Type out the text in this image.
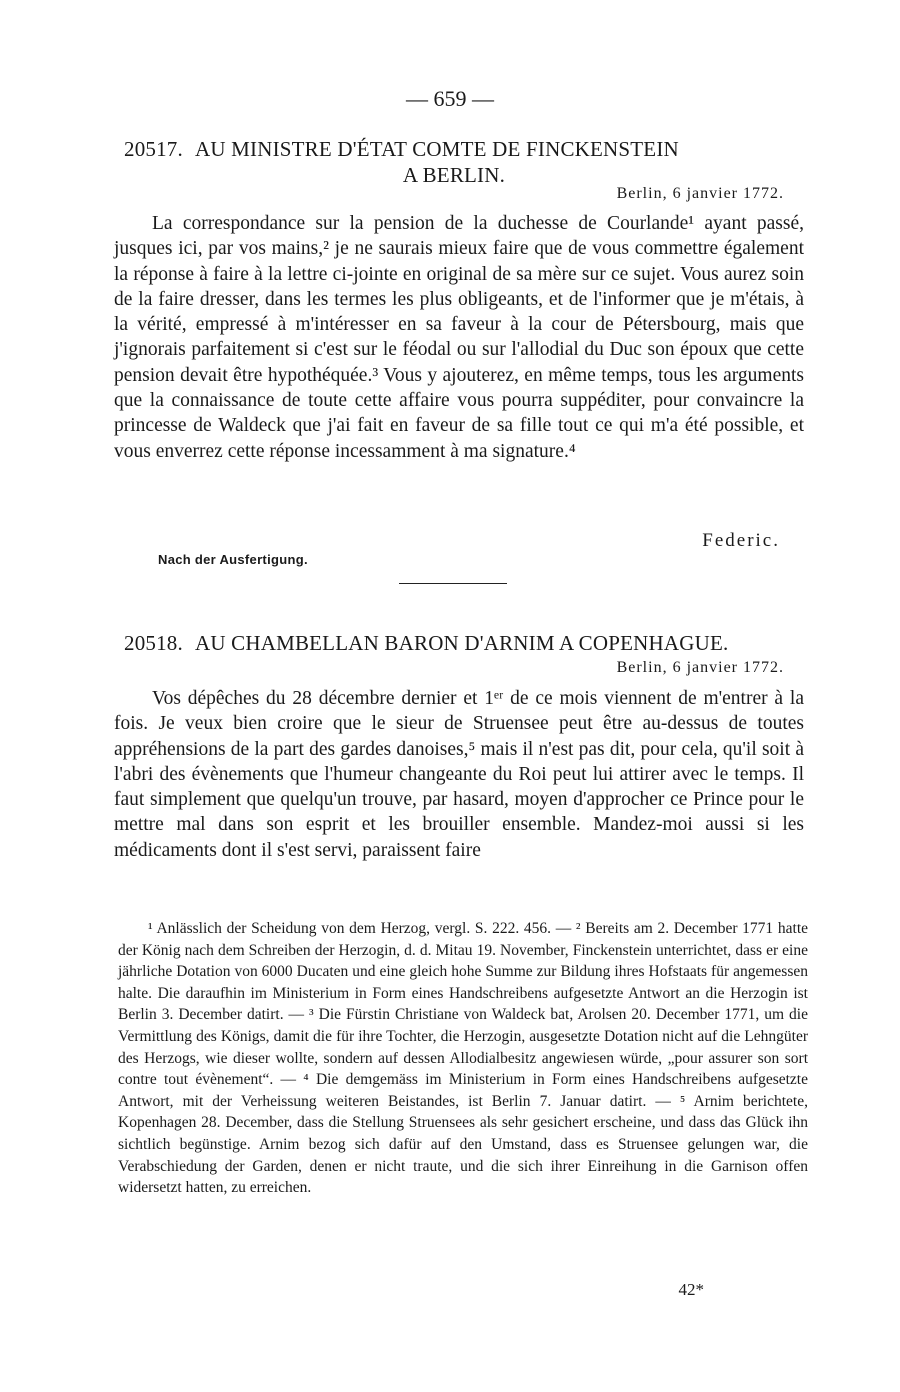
— 659 —
20517. AU MINISTRE D'ÉTAT COMTE DE FINCKENSTEIN
A BERLIN.
Berlin, 6 janvier 1772.

La correspondance sur la pension de la duchesse de Courlande¹ ayant passé, jusques ici, par vos mains,² je ne saurais mieux faire que de vous commettre également la réponse à faire à la lettre ci-jointe en original de sa mère sur ce sujet. Vous aurez soin de la faire dresser, dans les termes les plus obligeants, et de l'informer que je m'étais, à la vérité, empressé à m'intéresser en sa faveur à la cour de Pétersbourg, mais que j'ignorais parfaitement si c'est sur le féodal ou sur l'allodial du Duc son époux que cette pension devait être hypothéquée.³ Vous y ajouterez, en même temps, tous les arguments que la connaissance de toute cette affaire vous pourra suppéditer, pour convaincre la princesse de Waldeck que j'ai fait en faveur de sa fille tout ce qui m'a été possible, et vous enverrez cette réponse incessamment à ma signature.⁴

Federic.
Nach der Ausfertigung.
20518. AU CHAMBELLAN BARON D'ARNIM A COPENHAGUE.
Berlin, 6 janvier 1772.

Vos dépêches du 28 décembre dernier et 1ᵉʳ de ce mois viennent de m'entrer à la fois. Je veux bien croire que le sieur de Struensee peut être au-dessus de toutes appréhensions de la part des gardes danoises,⁵ mais il n'est pas dit, pour cela, qu'il soit à l'abri des évènements que l'humeur changeante du Roi peut lui attirer avec le temps. Il faut simplement que quelqu'un trouve, par hasard, moyen d'approcher ce Prince pour le mettre mal dans son esprit et les brouiller ensemble. Mandez-moi aussi si les médicaments dont il s'est servi, paraissent faire

¹ Anlässlich der Scheidung von dem Herzog, vergl. S. 222. 456. — ² Bereits am 2. December 1771 hatte der König nach dem Schreiben der Herzogin, d. d. Mitau 19. November, Finckenstein unterrichtet, dass er eine jährliche Dotation von 6000 Ducaten und eine gleich hohe Summe zur Bildung ihres Hofstaats für angemessen halte. Die daraufhin im Ministerium in Form eines Handschreibens aufgesetzte Antwort an die Herzogin ist Berlin 3. December datirt. — ³ Die Fürstin Christiane von Waldeck bat, Arolsen 20. December 1771, um die Vermittlung des Königs, damit die für ihre Tochter, die Herzogin, ausgesetzte Dotation nicht auf die Lehngüter des Herzogs, wie dieser wollte, sondern auf dessen Allodialbesitz angewiesen würde, „pour assurer son sort contre tout évènement“. — ⁴ Die demgemäss im Ministerium in Form eines Handschreibens aufgesetzte Antwort, mit der Verheissung weiteren Beistandes, ist Berlin 7. Januar datirt. — ⁵ Arnim berichtete, Kopenhagen 28. December, dass die Stellung Struensees als sehr gesichert erscheine, und dass das Glück ihn sichtlich begünstige. Arnim bezog sich dafür auf den Umstand, dass es Struensee gelungen war, die Verabschiedung der Garden, denen er nicht traute, und die sich ihrer Einreihung in die Garnison offen widersetzt hatten, zu erreichen.

42*
